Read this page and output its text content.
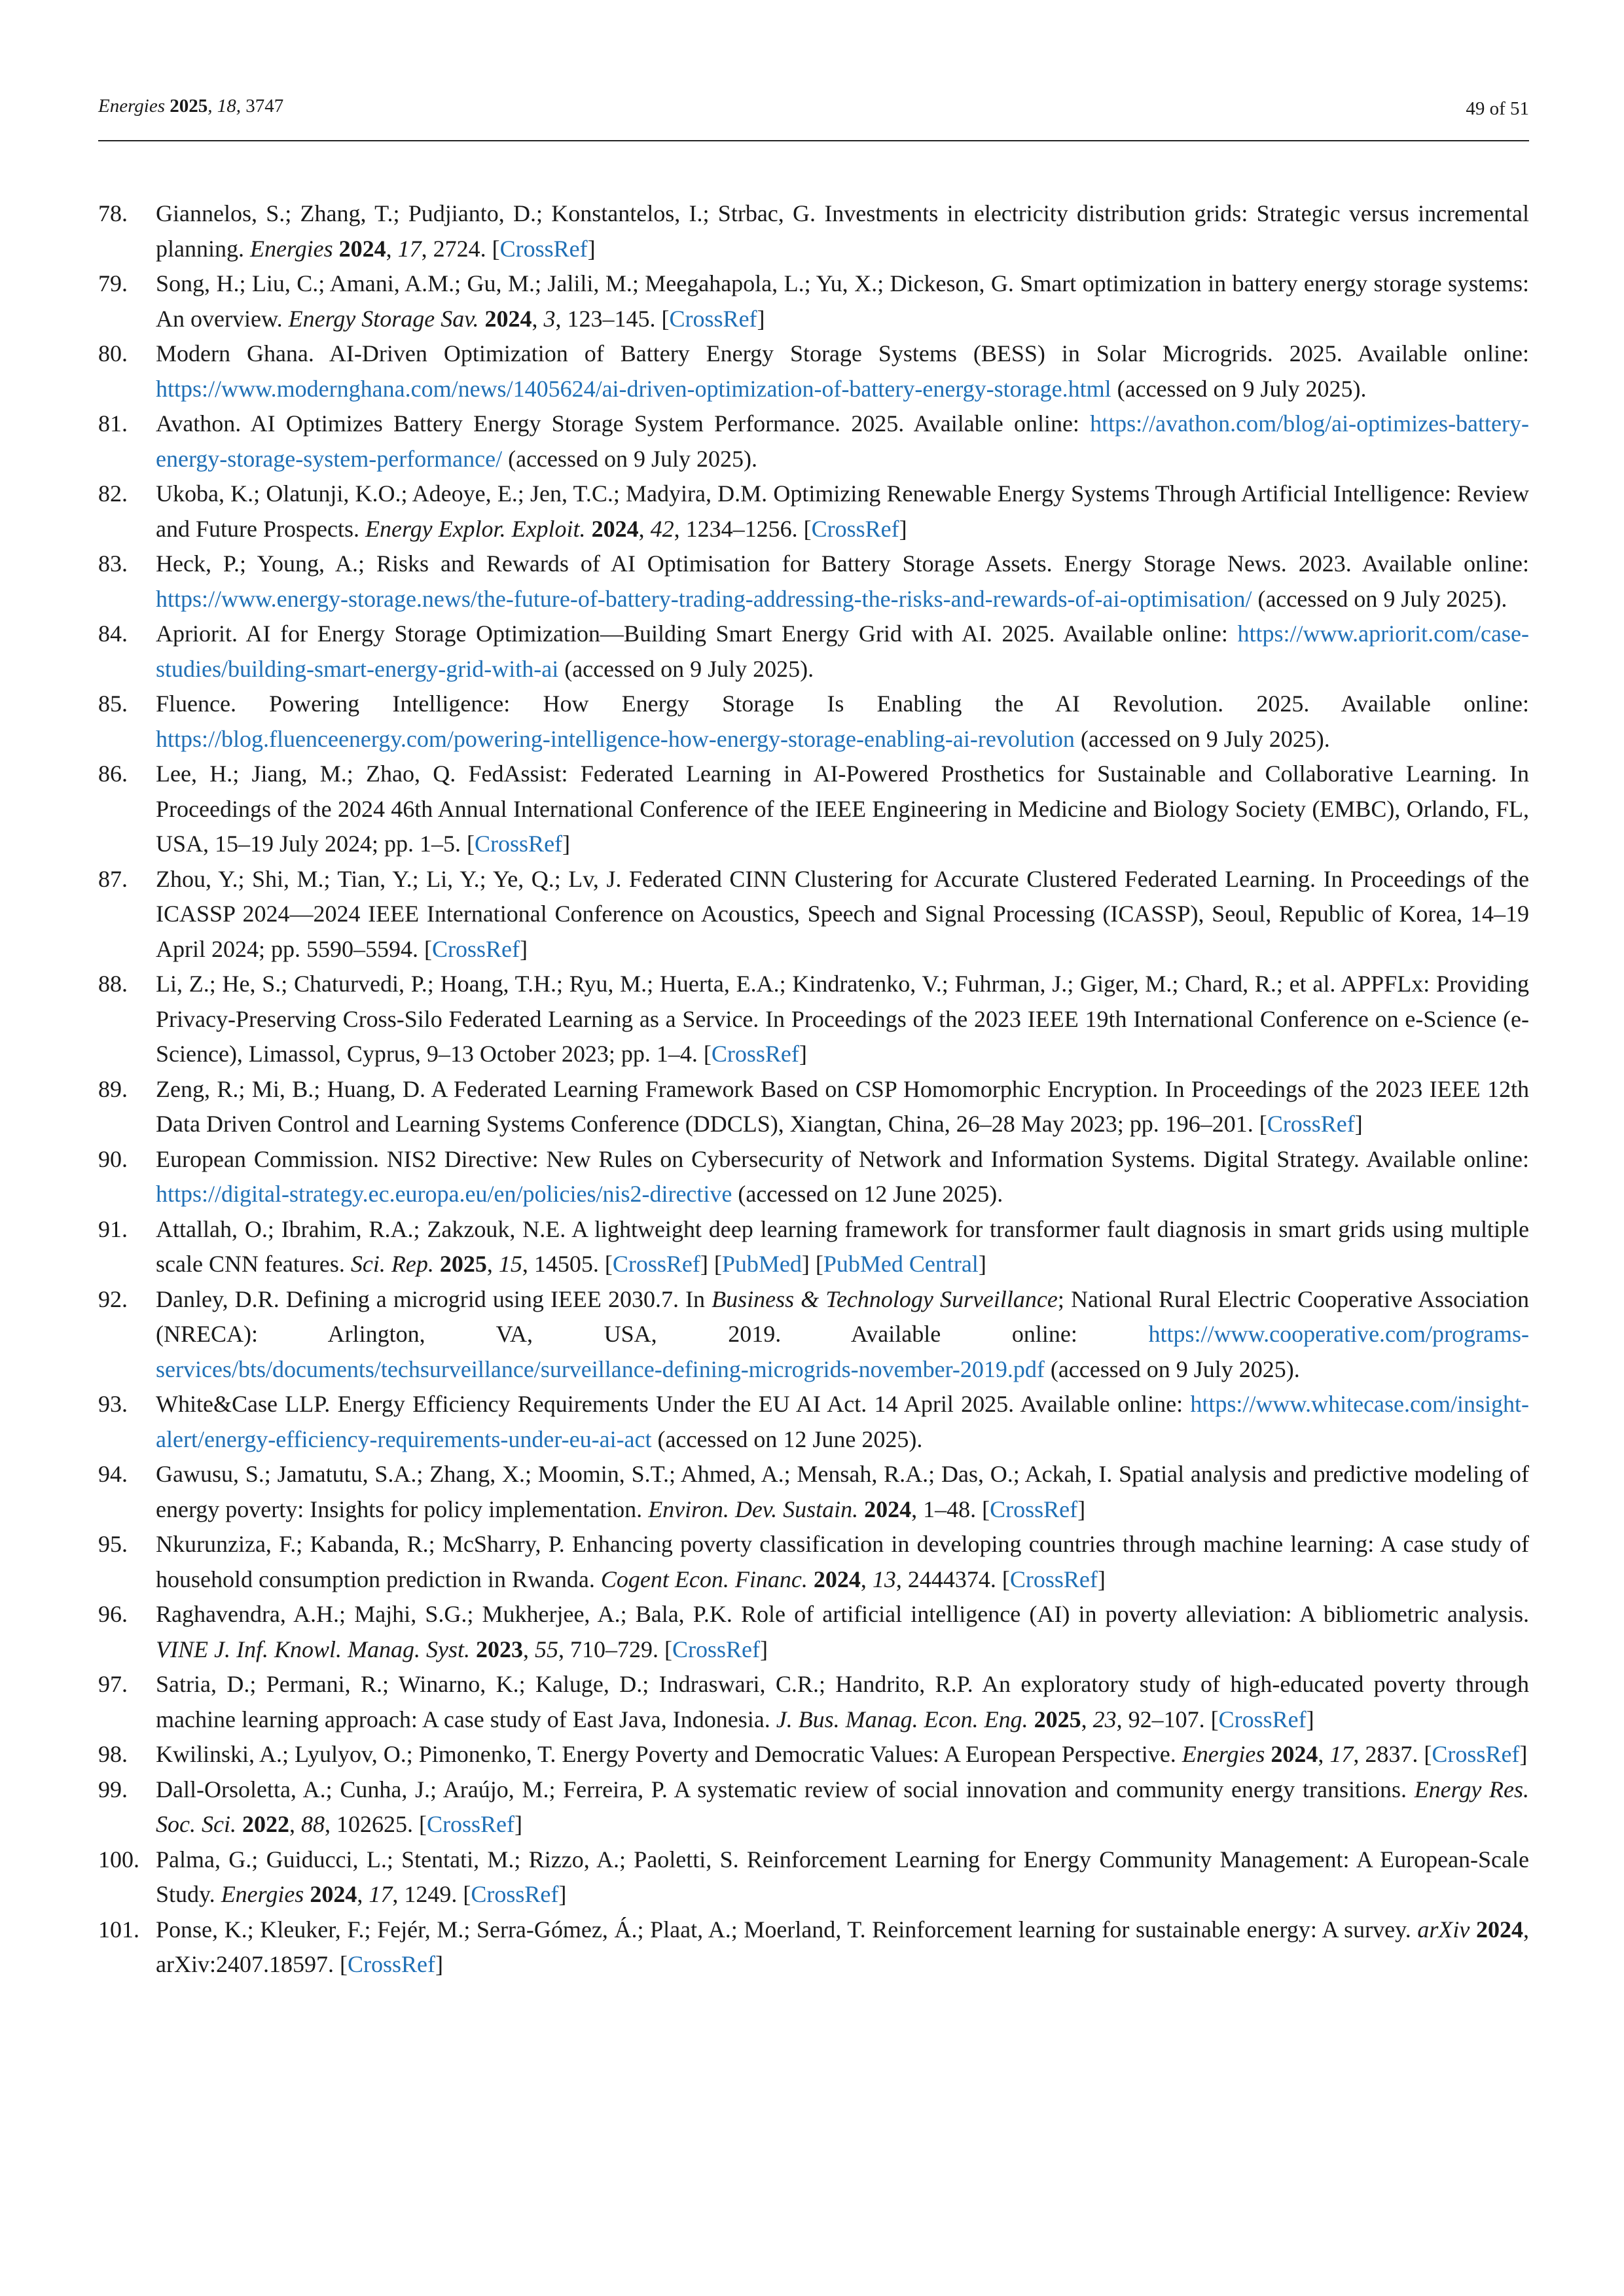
Energies 2025, 18, 3747	49 of 51
78. Giannelos, S.; Zhang, T.; Pudjianto, D.; Konstantelos, I.; Strbac, G. Investments in electricity distribution grids: Strategic versus incremental planning. Energies 2024, 17, 2724. [CrossRef]
79. Song, H.; Liu, C.; Amani, A.M.; Gu, M.; Jalili, M.; Meegahapola, L.; Yu, X.; Dickeson, G. Smart optimization in battery energy storage systems: An overview. Energy Storage Sav. 2024, 3, 123–145. [CrossRef]
80. Modern Ghana. AI-Driven Optimization of Battery Energy Storage Systems (BESS) in Solar Microgrids. 2025. Available online: https://www.modernghana.com/news/1405624/ai-driven-optimization-of-battery-energy-storage.html (accessed on 9 July 2025).
81. Avathon. AI Optimizes Battery Energy Storage System Performance. 2025. Available online: https://avathon.com/blog/ai-optimizes-battery-energy-storage-system-performance/ (accessed on 9 July 2025).
82. Ukoba, K.; Olatunji, K.O.; Adeoye, E.; Jen, T.C.; Madyira, D.M. Optimizing Renewable Energy Systems Through Artificial Intelligence: Review and Future Prospects. Energy Explor. Exploit. 2024, 42, 1234–1256. [CrossRef]
83. Heck, P.; Young, A.; Risks and Rewards of AI Optimisation for Battery Storage Assets. Energy Storage News. 2023. Available online: https://www.energy-storage.news/the-future-of-battery-trading-addressing-the-risks-and-rewards-of-ai-optimisation/ (accessed on 9 July 2025).
84. Apriorit. AI for Energy Storage Optimization—Building Smart Energy Grid with AI. 2025. Available online: https://www.apriorit.com/case-studies/building-smart-energy-grid-with-ai (accessed on 9 July 2025).
85. Fluence. Powering Intelligence: How Energy Storage Is Enabling the AI Revolution. 2025. Available online: https://blog.fluenceenergy.com/powering-intelligence-how-energy-storage-enabling-ai-revolution (accessed on 9 July 2025).
86. Lee, H.; Jiang, M.; Zhao, Q. FedAssist: Federated Learning in AI-Powered Prosthetics for Sustainable and Collaborative Learning. In Proceedings of the 2024 46th Annual International Conference of the IEEE Engineering in Medicine and Biology Society (EMBC), Orlando, FL, USA, 15–19 July 2024; pp. 1–5. [CrossRef]
87. Zhou, Y.; Shi, M.; Tian, Y.; Li, Y.; Ye, Q.; Lv, J. Federated CINN Clustering for Accurate Clustered Federated Learning. In Proceedings of the ICASSP 2024—2024 IEEE International Conference on Acoustics, Speech and Signal Processing (ICASSP), Seoul, Republic of Korea, 14–19 April 2024; pp. 5590–5594. [CrossRef]
88. Li, Z.; He, S.; Chaturvedi, P.; Hoang, T.H.; Ryu, M.; Huerta, E.A.; Kindratenko, V.; Fuhrman, J.; Giger, M.; Chard, R.; et al. APPFLx: Providing Privacy-Preserving Cross-Silo Federated Learning as a Service. In Proceedings of the 2023 IEEE 19th International Conference on e-Science (e-Science), Limassol, Cyprus, 9–13 October 2023; pp. 1–4. [CrossRef]
89. Zeng, R.; Mi, B.; Huang, D. A Federated Learning Framework Based on CSP Homomorphic Encryption. In Proceedings of the 2023 IEEE 12th Data Driven Control and Learning Systems Conference (DDCLS), Xiangtan, China, 26–28 May 2023; pp. 196–201. [CrossRef]
90. European Commission. NIS2 Directive: New Rules on Cybersecurity of Network and Information Systems. Digital Strategy. Available online: https://digital-strategy.ec.europa.eu/en/policies/nis2-directive (accessed on 12 June 2025).
91. Attallah, O.; Ibrahim, R.A.; Zakzouk, N.E. A lightweight deep learning framework for transformer fault diagnosis in smart grids using multiple scale CNN features. Sci. Rep. 2025, 15, 14505. [CrossRef] [PubMed] [PubMed Central]
92. Danley, D.R. Defining a microgrid using IEEE 2030.7. In Business & Technology Surveillance; National Rural Electric Cooperative Association (NRECA): Arlington, VA, USA, 2019. Available online: https://www.cooperative.com/programs-services/bts/documents/techsurveillance/surveillance-defining-microgrids-november-2019.pdf (accessed on 9 July 2025).
93. White&Case LLP. Energy Efficiency Requirements Under the EU AI Act. 14 April 2025. Available online: https://www.whitecase.com/insight-alert/energy-efficiency-requirements-under-eu-ai-act (accessed on 12 June 2025).
94. Gawusu, S.; Jamatutu, S.A.; Zhang, X.; Moomin, S.T.; Ahmed, A.; Mensah, R.A.; Das, O.; Ackah, I. Spatial analysis and predictive modeling of energy poverty: Insights for policy implementation. Environ. Dev. Sustain. 2024, 1–48. [CrossRef]
95. Nkurunziza, F.; Kabanda, R.; McSharry, P. Enhancing poverty classification in developing countries through machine learning: A case study of household consumption prediction in Rwanda. Cogent Econ. Financ. 2024, 13, 2444374. [CrossRef]
96. Raghavendra, A.H.; Majhi, S.G.; Mukherjee, A.; Bala, P.K. Role of artificial intelligence (AI) in poverty alleviation: A bibliometric analysis. VINE J. Inf. Knowl. Manag. Syst. 2023, 55, 710–729. [CrossRef]
97. Satria, D.; Permani, R.; Winarno, K.; Kaluge, D.; Indraswari, C.R.; Handrito, R.P. An exploratory study of high-educated poverty through machine learning approach: A case study of East Java, Indonesia. J. Bus. Manag. Econ. Eng. 2025, 23, 92–107. [CrossRef]
98. Kwilinski, A.; Lyulyov, O.; Pimonenko, T. Energy Poverty and Democratic Values: A European Perspective. Energies 2024, 17, 2837. [CrossRef]
99. Dall-Orsoletta, A.; Cunha, J.; Araújo, M.; Ferreira, P. A systematic review of social innovation and community energy transitions. Energy Res. Soc. Sci. 2022, 88, 102625. [CrossRef]
100. Palma, G.; Guiducci, L.; Stentati, M.; Rizzo, A.; Paoletti, S. Reinforcement Learning for Energy Community Management: A European-Scale Study. Energies 2024, 17, 1249. [CrossRef]
101. Ponse, K.; Kleuker, F.; Fejér, M.; Serra-Gómez, Á.; Plaat, A.; Moerland, T. Reinforcement learning for sustainable energy: A survey. arXiv 2024, arXiv:2407.18597. [CrossRef]
